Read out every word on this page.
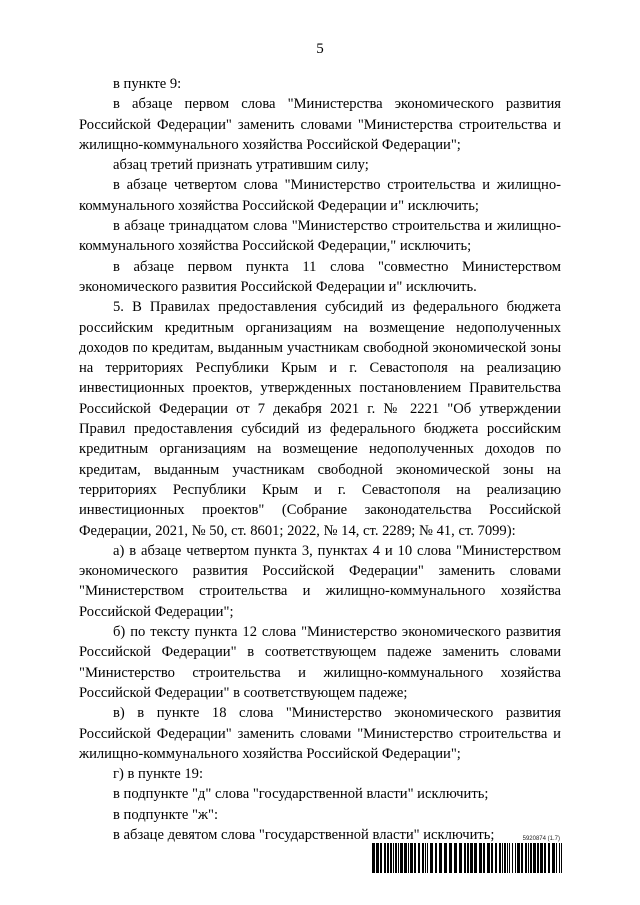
5

в пункте 9:

в абзаце первом слова "Министерства экономического развития Российской Федерации" заменить словами "Министерства строительства и жилищно-коммунального хозяйства Российской Федерации";

абзац третий признать утратившим силу;

в абзаце четвертом слова "Министерство строительства и жилищно-коммунального хозяйства Российской Федерации и" исключить;

в абзаце тринадцатом слова "Министерство строительства и жилищно-коммунального хозяйства Российской Федерации," исключить;

в абзаце первом пункта 11 слова "совместно Министерством экономического развития Российской Федерации и" исключить.

5. В Правилах предоставления субсидий из федерального бюджета российским кредитным организациям на возмещение недополученных доходов по кредитам, выданным участникам свободной экономической зоны на территориях Республики Крым и г. Севастополя на реализацию инвестиционных проектов, утвержденных постановлением Правительства Российской Федерации от 7 декабря 2021 г. № 2221 "Об утверждении Правил предоставления субсидий из федерального бюджета российским кредитным организациям на возмещение недополученных доходов по кредитам, выданным участникам свободной экономической зоны на территориях Республики Крым и г. Севастополя на реализацию инвестиционных проектов" (Собрание законодательства Российской Федерации, 2021, № 50, ст. 8601; 2022, № 14, ст. 2289; № 41, ст. 7099):

а) в абзаце четвертом пункта 3, пунктах 4 и 10 слова "Министерством экономического развития Российской Федерации" заменить словами "Министерством строительства и жилищно-коммунального хозяйства Российской Федерации";

б) по тексту пункта 12 слова "Министерство экономического развития Российской Федерации" в соответствующем падеже заменить словами "Министерство строительства и жилищно-коммунального хозяйства Российской Федерации" в соответствующем падеже;

в) в пункте 18 слова "Министерство экономического развития Российской Федерации" заменить словами "Министерство строительства и жилищно-коммунального хозяйства Российской Федерации";

г) в пункте 19:

в подпункте "д" слова "государственной власти" исключить;

в подпункте "ж":

в абзаце девятом слова "государственной власти" исключить;	5920874 (1.7)
